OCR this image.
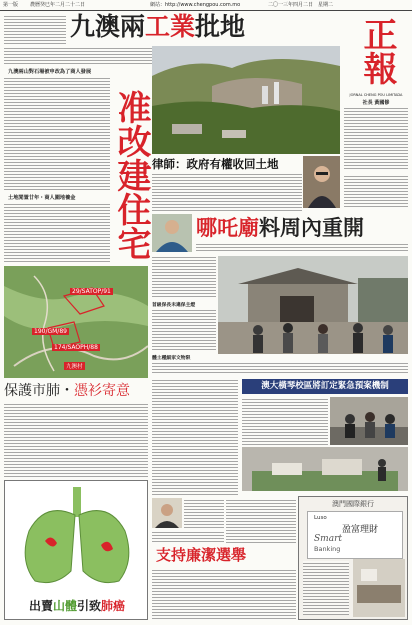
第一版 農曆癸巳年二月二十二日	網站：http://www.chengpou.com.mo	二〇一三年四月二日 星期二
九澳兩工業批地
九澳兩山對石場被申改為了商人發展
土地閒置廿年・商人圍地養金	准改建住宅 律師：政府有權收回土地
正報
JORNAL CHENG POU LIMITADA
社長 黃國修
哪吒廟料周內重開
首級保長未違保主燈
體土種細家文物限
29/SATOP/91
190/GM/89
174/SAOPH/88
九澳村
保護市肺・憑衫寄意
出賣山體引致肺癌
澳大橫琴校區將訂定緊急預案機制
支持廉潔選舉
澳門國際銀行
Luso
盈富理財
Smart
Banking
